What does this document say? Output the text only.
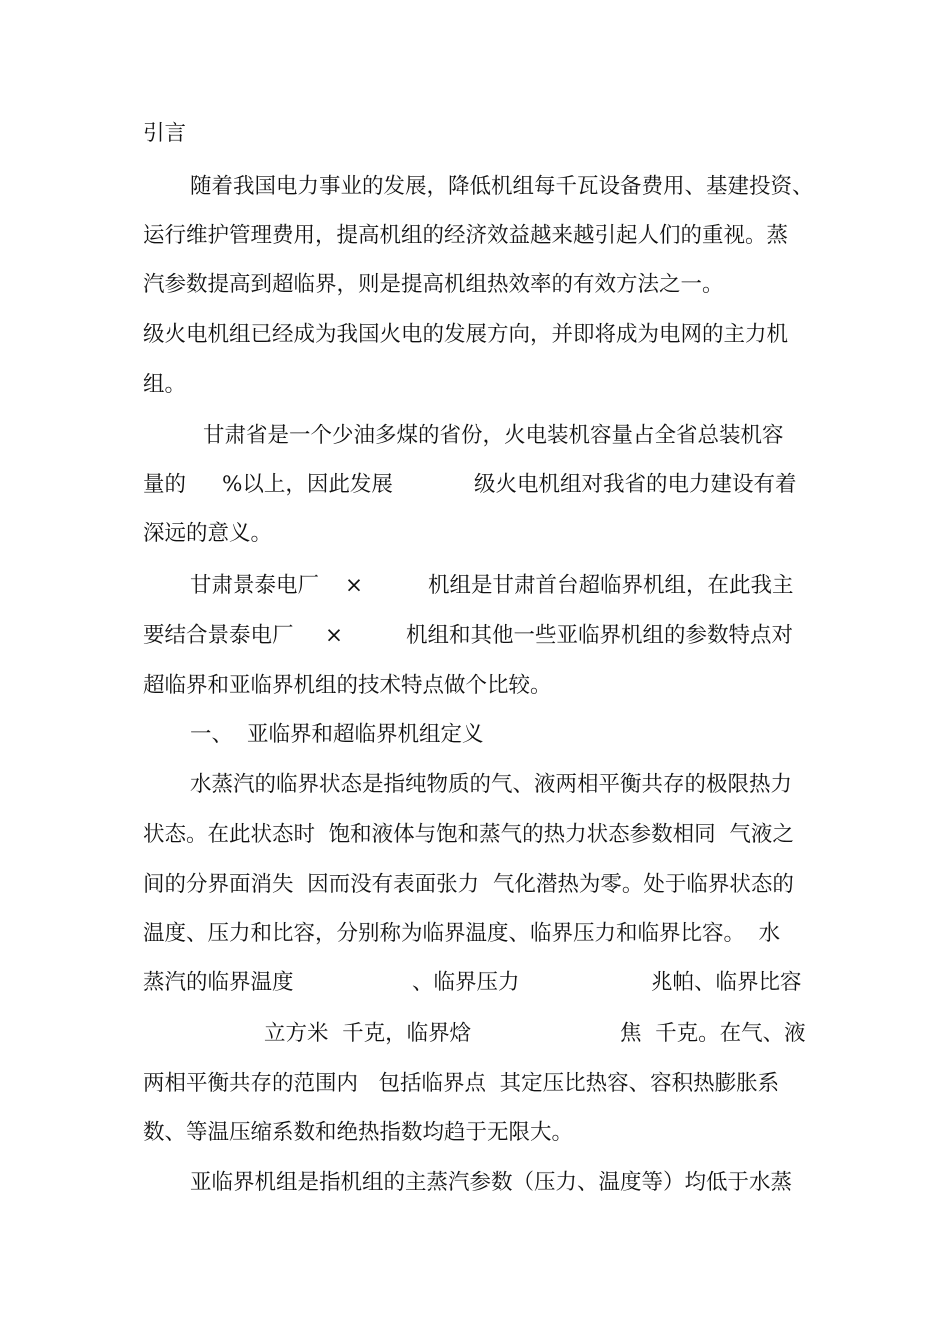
引言
随着我国电力事业的发展，降低机组每千瓦设备费用、基建投资、
运行维护管理费用，提高机组的经济效益越来越引起人们的重视。蒸
汽参数提高到超临界，则是提高机组热效率的有效方法之一。
级火电机组已经成为我国火电的发展方向，并即将成为电网的主力机
组。
甘肃省是一个少油多煤的省份，火电装机容量占全省总装机容
量的 %以上，因此发展	级火电机组对我省的电力建设有着
深远的意义。
甘肃景泰电厂 ×	机组是甘肃首台超临界机组，在此我主
要结合景泰电厂 ×	机组和其他一些亚临界机组的参数特点对
超临界和亚临界机组的技术特点做个比较。
一、 亚临界和超临界机组定义
水蒸汽的临界状态是指纯物质的气、液两相平衡共存的极限热力
状态。在此状态时  饱和液体与饱和蒸气的热力状态参数相同  气液之
间的分界面消失  因而没有表面张力  气化潜热为零。处于临界状态的
温度、压力和比容，分别称为临界温度、临界压力和临界比容。  水
蒸汽的临界温度	、临界压力	兆帕、临界比容
立方米  千克，临界焓	焦  千克。在气、液
两相平衡共存的范围内   包括临界点  其定压比热容、容积热膨胀系
数、等温压缩系数和绝热指数均趋于无限大。
亚临界机组是指机组的主蒸汽参数（压力、温度等）均低于水蒸
